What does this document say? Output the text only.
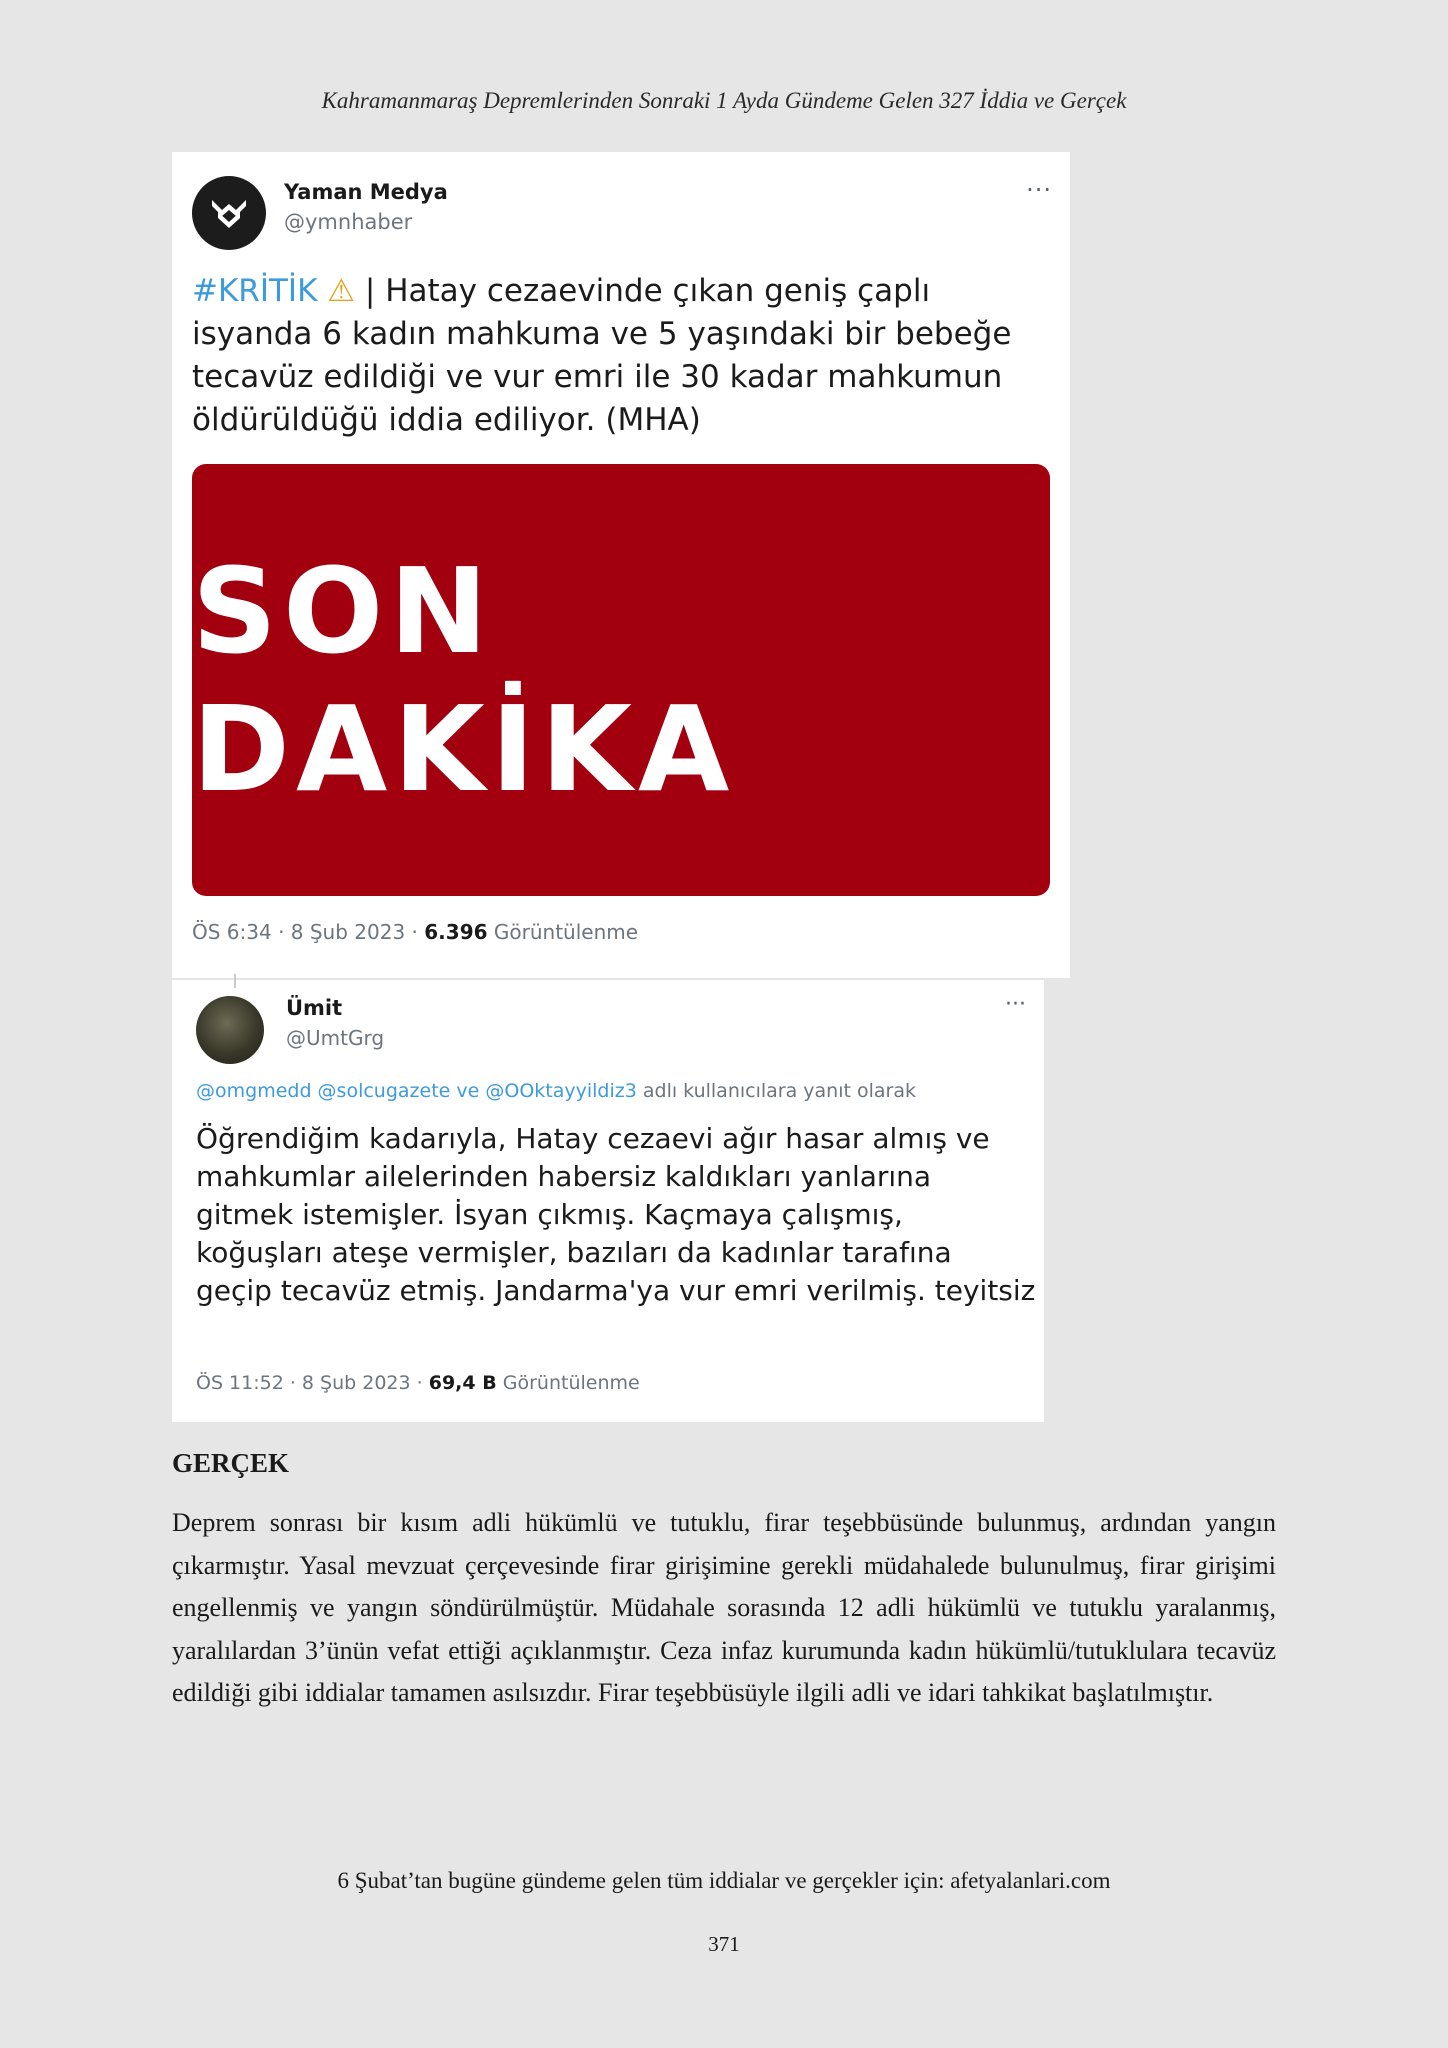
Kahramanmaraş Depremlerinden Sonraki 1 Ayda Gündeme Gelen 327 İddia ve Gerçek
Yaman Medya
@ymnhaber
···
#KRİTİK ⚠ | Hatay cezaevinde çıkan geniş çaplı isyanda 6 kadın mahkuma ve 5 yaşındaki bir bebeğe tecavüz edildiği ve vur emri ile 30 kadar mahkumun öldürüldüğü iddia ediliyor. (MHA)
SON DAKİKA
ÖS 6:34 · 8 Şub 2023 · 6.396 Görüntülenme
Ümit
@UmtGrg
···
@omgmedd @solcugazete ve @OOktayyildiz3 adlı kullanıcılara yanıt olarak
Öğrendiğim kadarıyla, Hatay cezaevi ağır hasar almış ve mahkumlar ailelerinden habersiz kaldıkları yanlarına gitmek istemişler. İsyan çıkmış. Kaçmaya çalışmış, koğuşları ateşe vermişler, bazıları da kadınlar tarafına geçip tecavüz etmiş. Jandarma'ya vur emri verilmiş. teyitsiz
ÖS 11:52 · 8 Şub 2023 · 69,4 B Görüntülenme
GERÇEK
Deprem sonrası bir kısım adli hükümlü ve tutuklu, firar teşebbüsünde bulunmuş, ardından yangın çıkarmıştır. Yasal mevzuat çerçevesinde firar girişimine gerekli müdahalede bulunulmuş, firar girişimi engellenmiş ve yangın söndürülmüştür. Müdahale sorasında 12 adli hükümlü ve tutuklu yaralanmış, yaralılardan 3’ünün vefat ettiği açıklanmıştır. Ceza infaz kurumunda kadın hükümlü/tutuklulara tecavüz edildiği gibi iddialar tamamen asılsızdır. Firar teşebbüsüyle ilgili adli ve idari tahkikat başlatılmıştır.
6 Şubat’tan bugüne gündeme gelen tüm iddialar ve gerçekler için: afetyalanlari.com
371
